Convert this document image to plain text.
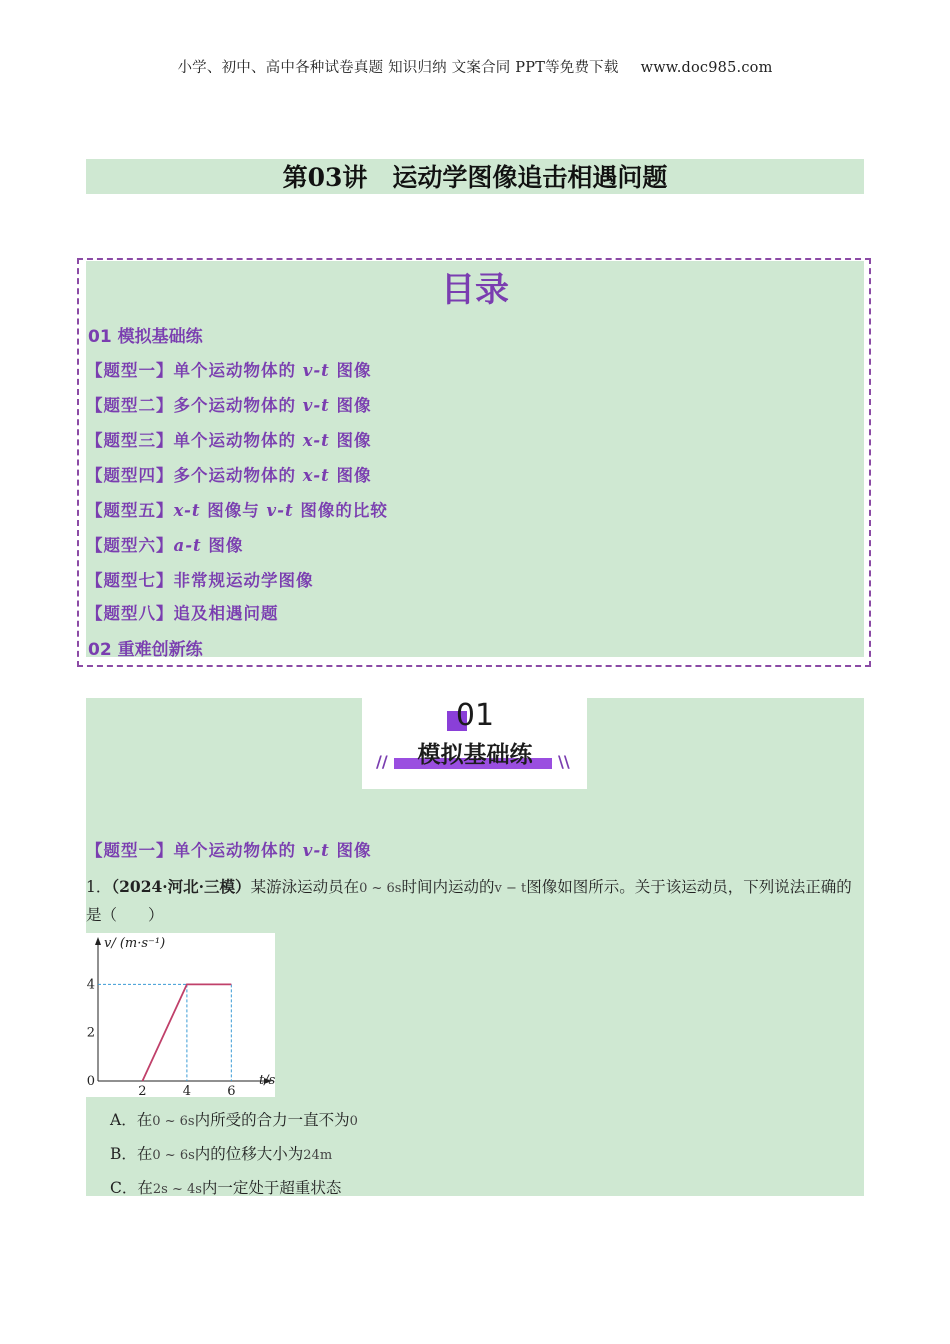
小学、初中、高中各种试卷真题 知识归纳 文案合同 PPT等免费下载 www.doc985.com
第03讲　运动学图像追击相遇问题
目录
01 模拟基础练
【题型一】单个运动物体的 v-t 图像
【题型二】多个运动物体的 v-t 图像
【题型三】单个运动物体的 x-t 图像
【题型四】多个运动物体的 x-t 图像
【题型五】x-t 图像与 v-t 图像的比较
【题型六】a-t 图像
【题型七】非常规运动学图像
【题型八】追及相遇问题
02 重难创新练
01
模拟基础练
//	\\
【题型一】单个运动物体的 v-t 图像
1．（2024·河北·三模）某游泳运动员在0 ~ 6s时间内运动的v − t图像如图所示。关于该运动员，下列说法正确的是（　　）
2	4	6
0
2
4
v/ (m·s⁻¹)
t/s
A．在0 ~ 6s内所受的合力一直不为0
B．在0 ~ 6s内的位移大小为24m
C．在2s ~ 4s内一定处于超重状态
